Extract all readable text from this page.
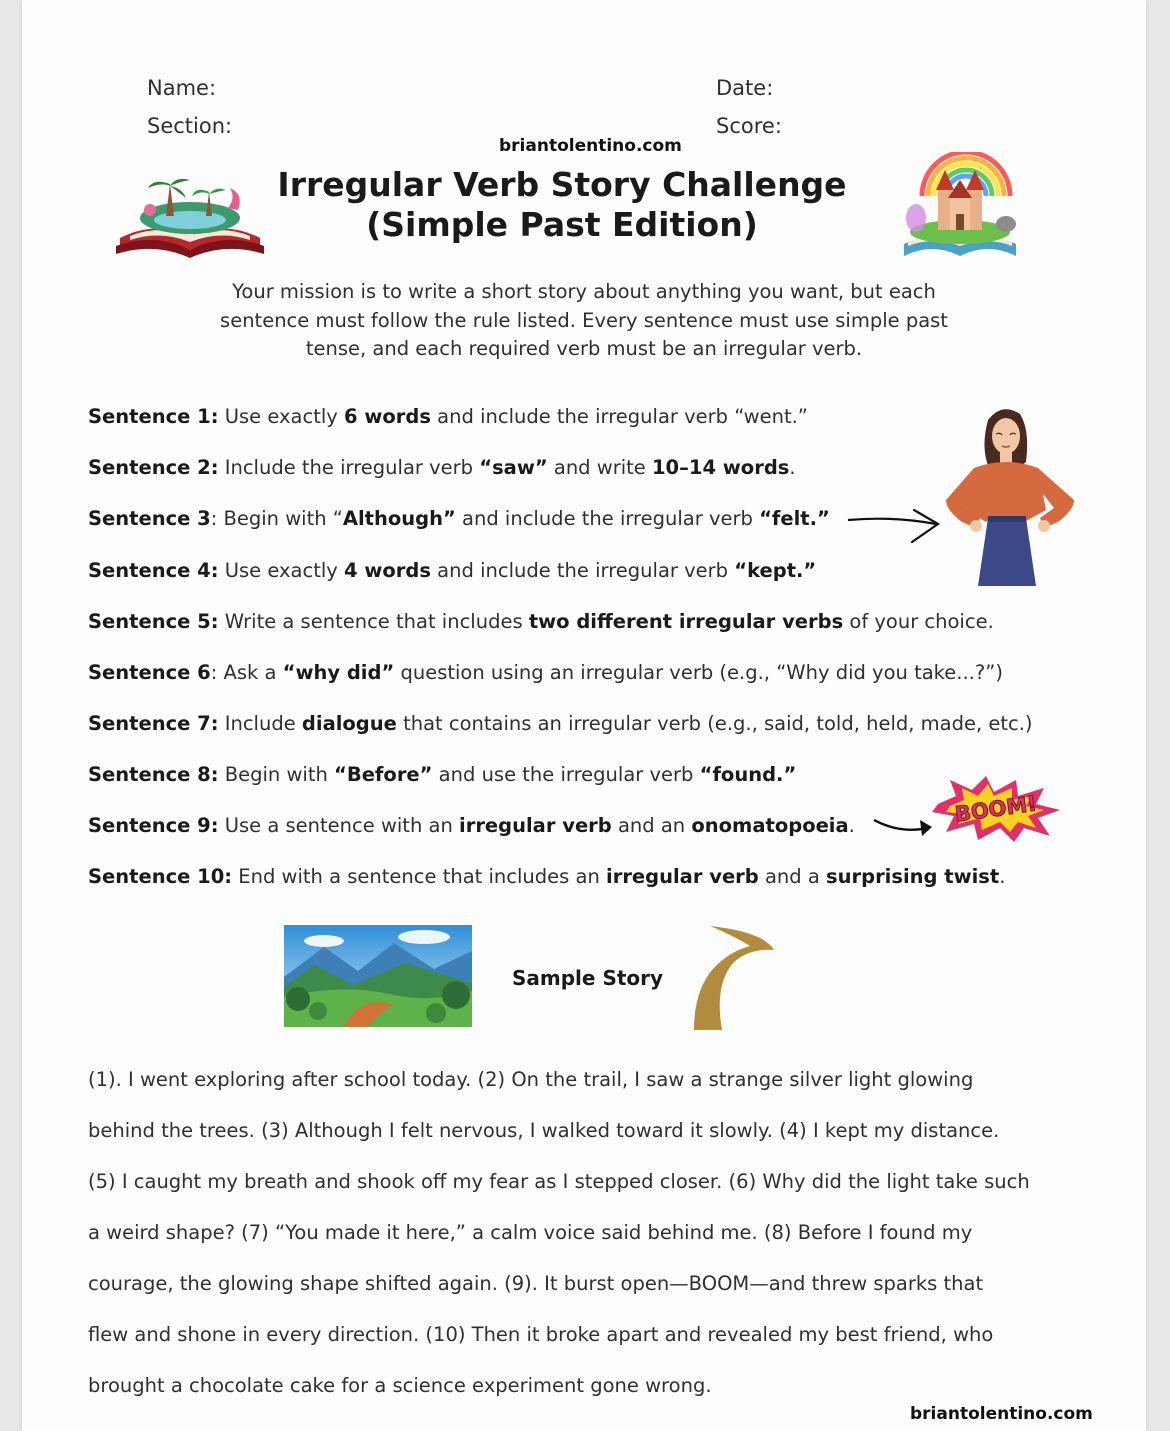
Name:	Date:
Section:	Score:
briantolentino.com
Irregular Verb Story Challenge
(Simple Past Edition)
Your mission is to write a short story about anything you want, but each
sentence must follow the rule listed. Every sentence must use simple past
tense, and each required verb must be an irregular verb.
Sentence 1: Use exactly 6 words and include the irregular verb “went.”
Sentence 2: Include the irregular verb “saw” and write 10–14 words.
Sentence 3: Begin with “Although” and include the irregular verb “felt.”
Sentence 4: Use exactly 4 words and include the irregular verb “kept.”
Sentence 5: Write a sentence that includes two different irregular verbs of your choice.
Sentence 6: Ask a “why did” question using an irregular verb (e.g., “Why did you take...?”)
Sentence 7: Include dialogue that contains an irregular verb (e.g., said, told, held, made, etc.)
Sentence 8: Begin with “Before” and use the irregular verb “found.”
Sentence 9: Use a sentence with an irregular verb and an onomatopoeia.
Sentence 10: End with a sentence that includes an irregular verb and a surprising twist.
BOOM!
Sample Story
(1). I went exploring after school today. (2) On the trail, I saw a strange silver light glowing
behind the trees. (3) Although I felt nervous, I walked toward it slowly. (4) I kept my distance.
(5) I caught my breath and shook off my fear as I stepped closer. (6) Why did the light take such
a weird shape? (7) “You made it here,” a calm voice said behind me. (8) Before I found my
courage, the glowing shape shifted again. (9). It burst open—BOOM—and threw sparks that
flew and shone in every direction. (10) Then it broke apart and revealed my best friend, who
brought a chocolate cake for a science experiment gone wrong.
briantolentino.com
